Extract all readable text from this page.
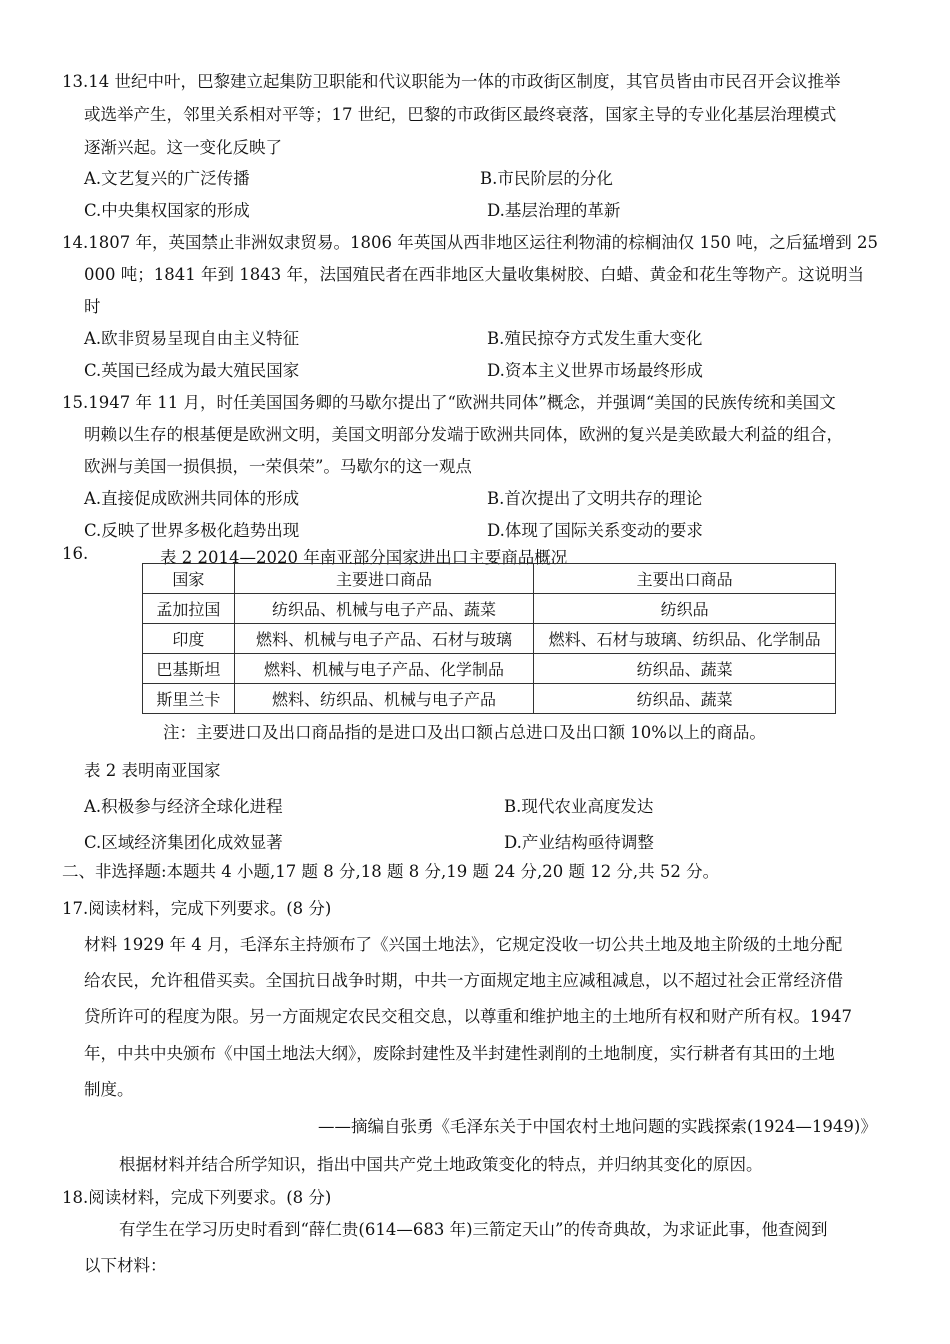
13.14 世纪中叶，巴黎建立起集防卫职能和代议职能为一体的市政街区制度，其官员皆由市民召开会议推举
或选举产生，邻里关系相对平等；17 世纪，巴黎的市政街区最终衰落，国家主导的专业化基层治理模式
逐渐兴起。这一变化反映了
A.文艺复兴的广泛传播	B.市民阶层的分化
C.中央集权国家的形成	D.基层治理的革新
14.1807 年，英国禁止非洲奴隶贸易。1806 年英国从西非地区运往利物浦的棕榈油仅 150 吨，之后猛增到 25
000 吨；1841 年到 1843 年，法国殖民者在西非地区大量收集树胶、白蜡、黄金和花生等物产。这说明当
时
A.欧非贸易呈现自由主义特征	B.殖民掠夺方式发生重大变化
C.英国已经成为最大殖民国家	D.资本主义世界市场最终形成
15.1947 年 11 月，时任美国国务卿的马歇尔提出了“欧洲共同体”概念，并强调“美国的民族传统和美国文
明赖以生存的根基便是欧洲文明，美国文明部分发端于欧洲共同体，欧洲的复兴是美欧最大利益的组合，
欧洲与美国一损俱损，一荣俱荣”。马歇尔的这一观点
A.直接促成欧洲共同体的形成	B.首次提出了文明共存的理论
C.反映了世界多极化趋势出现	D.体现了国际关系变动的要求
16.	表 2 2014—2020 年南亚部分国家进出口主要商品概况
国家	主要进口商品	主要出口商品
孟加拉国	纺织品、机械与电子产品、蔬菜	纺织品
印度	燃料、机械与电子产品、石材与玻璃	燃料、石材与玻璃、纺织品、化学制品
巴基斯坦	燃料、机械与电子产品、化学制品	纺织品、蔬菜
斯里兰卡	燃料、纺织品、机械与电子产品	纺织品、蔬菜
注：主要进口及出口商品指的是进口及出口额占总进口及出口额 10%以上的商品。
表 2 表明南亚国家
A.积极参与经济全球化进程	B.现代农业高度发达
C.区域经济集团化成效显著	D.产业结构亟待调整
二、非选择题:本题共 4 小题,17 题 8 分,18 题 8 分,19 题 24 分,20 题 12 分,共 52 分。
17.阅读材料，完成下列要求。(8 分)
材料 1929 年 4 月，毛泽东主持颁布了《兴国土地法》，它规定没收一切公共土地及地主阶级的土地分配
给农民，允许租借买卖。全国抗日战争时期，中共一方面规定地主应减租减息，以不超过社会正常经济借
贷所许可的程度为限。另一方面规定农民交租交息，以尊重和维护地主的土地所有权和财产所有权。1947
年，中共中央颁布《中国土地法大纲》，废除封建性及半封建性剥削的土地制度，实行耕者有其田的土地
制度。
——摘编自张勇《毛泽东关于中国农村土地问题的实践探索(1924—1949)》
根据材料并结合所学知识，指出中国共产党土地政策变化的特点，并归纳其变化的原因。
18.阅读材料，完成下列要求。(8 分)
有学生在学习历史时看到“薛仁贵(614—683 年)三箭定天山”的传奇典故，为求证此事，他查阅到
以下材料：
